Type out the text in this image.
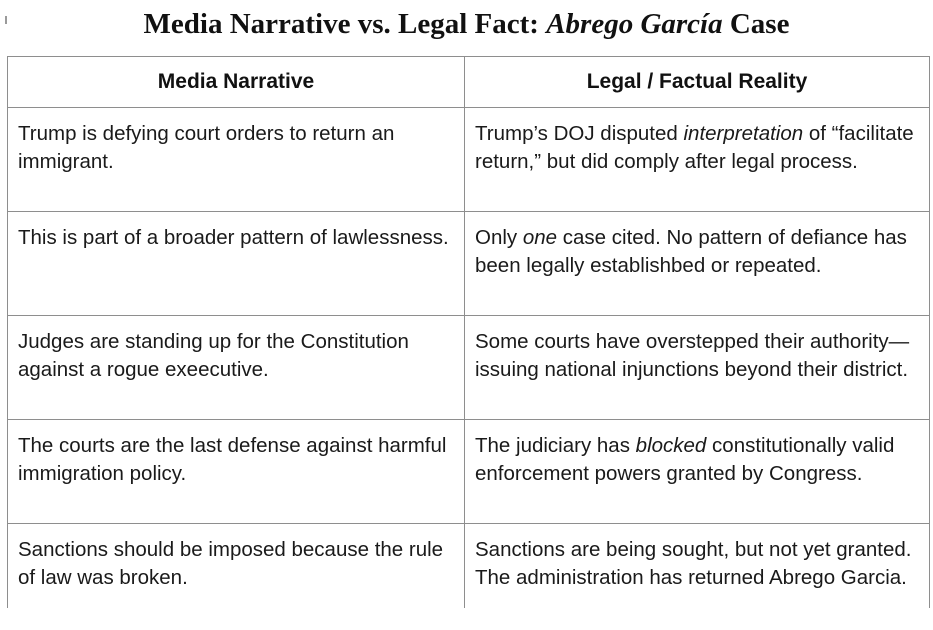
Media Narrative vs. Legal Fact: Abrego García Case
Media Narrative	Legal / Factual Reality
Trump is defying court orders to return an immigrant.	Trump’s DOJ disputed interpretation of “facilitate return,” but did comply after legal process.
This is part of a broader pattern of lawlessness.	Only one case cited. No pattern of defiance has been legally establishbed or repeated.
Judges are standing up for the Constitution against a rogue exeecutive.	Some courts have overstepped their authority—issuing national injunctions beyond their district.
The courts are the last defense against harmful immigration policy.	The judiciary has blocked constitutionally valid enforcement powers granted by Congress.
Sanctions should be imposed because the rule of law was broken.	Sanctions are being sought, but not yet granted. The administration has returned Abrego Garcia.
